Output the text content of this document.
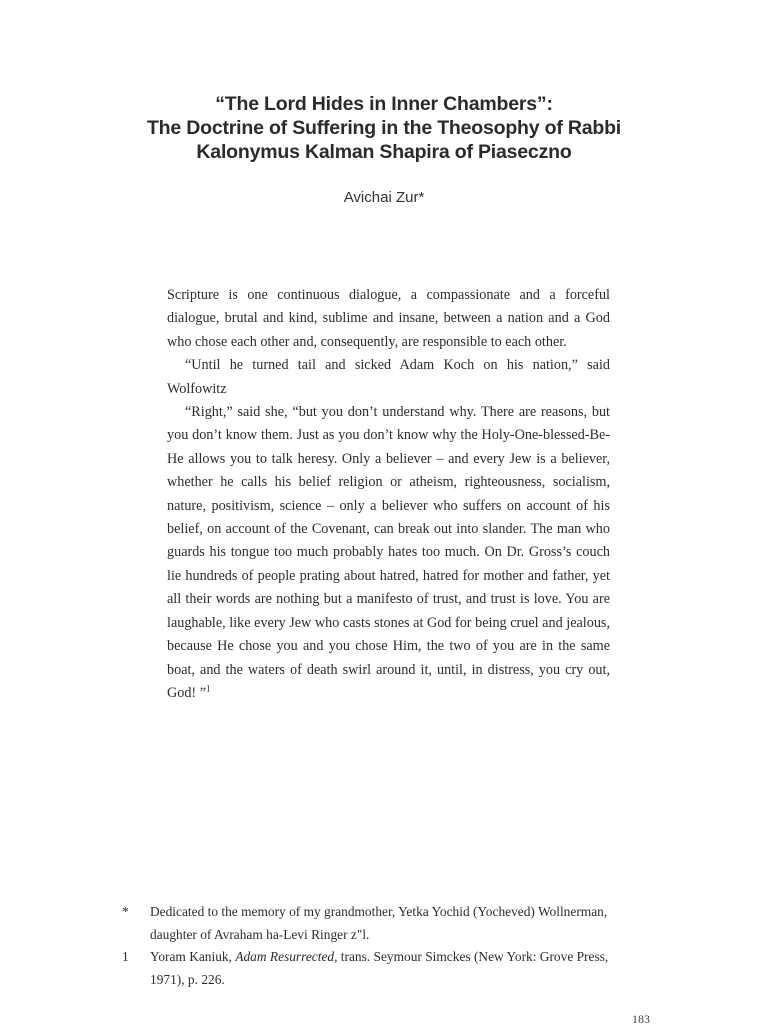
“The Lord Hides in Inner Chambers”:
The Doctrine of Suffering in the Theosophy of Rabbi
Kalonymus Kalman Shapira of Piaseczno
Avichai Zur*

Scripture is one continuous dialogue, a compassionate and a forceful dialogue, brutal and kind, sublime and insane, between a nation and a God who chose each other and, consequently, are responsible to each other.

“Until he turned tail and sicked Adam Koch on his nation,” said Wolfowitz

“Right,” said she, “but you don’t understand why. There are reasons, but you don’t know them. Just as you don’t know why the Holy-One-blessed-Be-He allows you to talk heresy. Only a believer – and every Jew is a believer, whether he calls his belief religion or atheism, righteousness, socialism, nature, positivism, science – only a believer who suffers on account of his belief, on account of the Covenant, can break out into slander. The man who guards his tongue too much probably hates too much. On Dr. Gross’s couch lie hundreds of people prating about hatred, hatred for mother and father, yet all their words are nothing but a manifesto of trust, and trust is love. You are laughable, like every Jew who casts stones at God for being cruel and jealous, because He chose you and you chose Him, the two of you are in the same boat, and the waters of death swirl around it, until, in distress, you cry out, God! ”$^1$

* Dedicated to the memory of my grandmother, Yetka Yochid (Yocheved) Wollnerman, daughter of Avraham ha-Levi Ringer z"l.
1 Yoram Kaniuk, Adam Resurrected, trans. Seymour Simckes (New York: Grove Press, 1971), p. 226.
183
